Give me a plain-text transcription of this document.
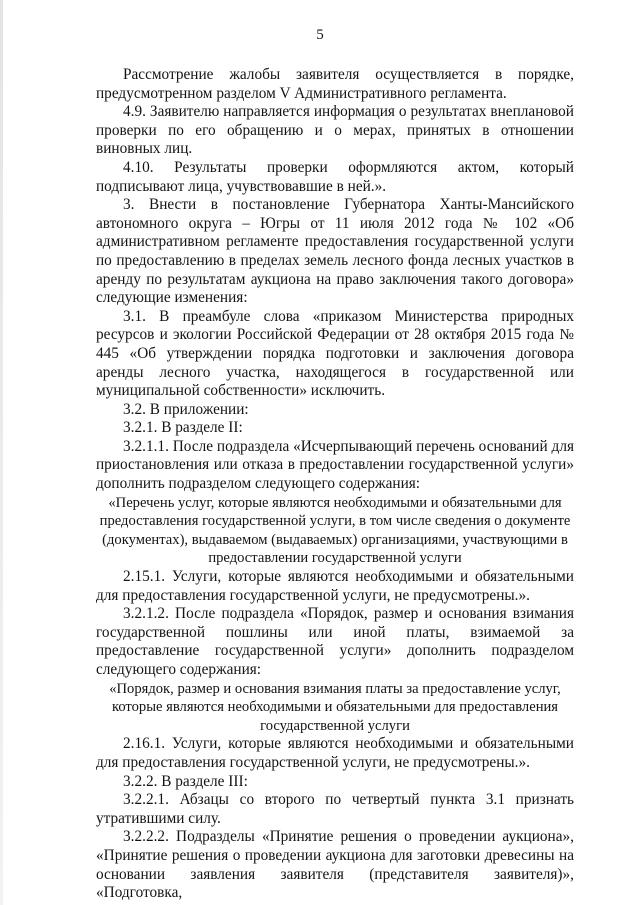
5

Рассмотрение жалобы заявителя осуществляется в порядке, предусмотренном разделом V Административного регламента.

4.9. Заявителю направляется информация о результатах внеплановой проверки по его обращению и о мерах, принятых в отношении виновных лиц.

4.10. Результаты проверки оформляются актом, который подписывают лица, учувствовавшие в ней.».

3. Внести в постановление Губернатора Ханты-Мансийского автономного округа – Югры от 11 июля 2012 года № 102 «Об административном регламенте предоставления государственной услуги по предоставлению в пределах земель лесного фонда лесных участков в аренду по результатам аукциона на право заключения такого договора» следующие изменения:

3.1. В преамбуле слова «приказом Министерства природных ресурсов и экологии Российской Федерации от 28 октября 2015 года № 445 «Об утверждении порядка подготовки и заключения договора аренды лесного участка, находящегося в государственной или муниципальной собственности» исключить.

3.2. В приложении:

3.2.1. В разделе II:

3.2.1.1. После подраздела «Исчерпывающий перечень оснований для приостановления или отказа в предоставлении государственной услуги» дополнить подразделом следующего содержания:

«Перечень услуг, которые являются необходимыми и обязательными для предоставления государственной услуги, в том числе сведения о документе (документах), выдаваемом (выдаваемых) организациями, участвующими в предоставлении государственной услуги

2.15.1. Услуги, которые являются необходимыми и обязательными для предоставления государственной услуги, не предусмотрены.».

3.2.1.2. После подраздела «Порядок, размер и основания взимания государственной пошлины или иной платы, взимаемой за предоставление государственной услуги» дополнить подразделом следующего содержания:

«Порядок, размер и основания взимания платы за предоставление услуг, которые являются необходимыми и обязательными для предоставления государственной услуги

2.16.1. Услуги, которые являются необходимыми и обязательными для предоставления государственной услуги, не предусмотрены.».

3.2.2. В разделе III:

3.2.2.1. Абзацы со второго по четвертый пункта 3.1 признать утратившими силу.

3.2.2.2. Подразделы «Принятие решения о проведении аукциона», «Принятие решения о проведении аукциона для заготовки древесины на основании заявления заявителя (представителя заявителя)», «Подготовка,
